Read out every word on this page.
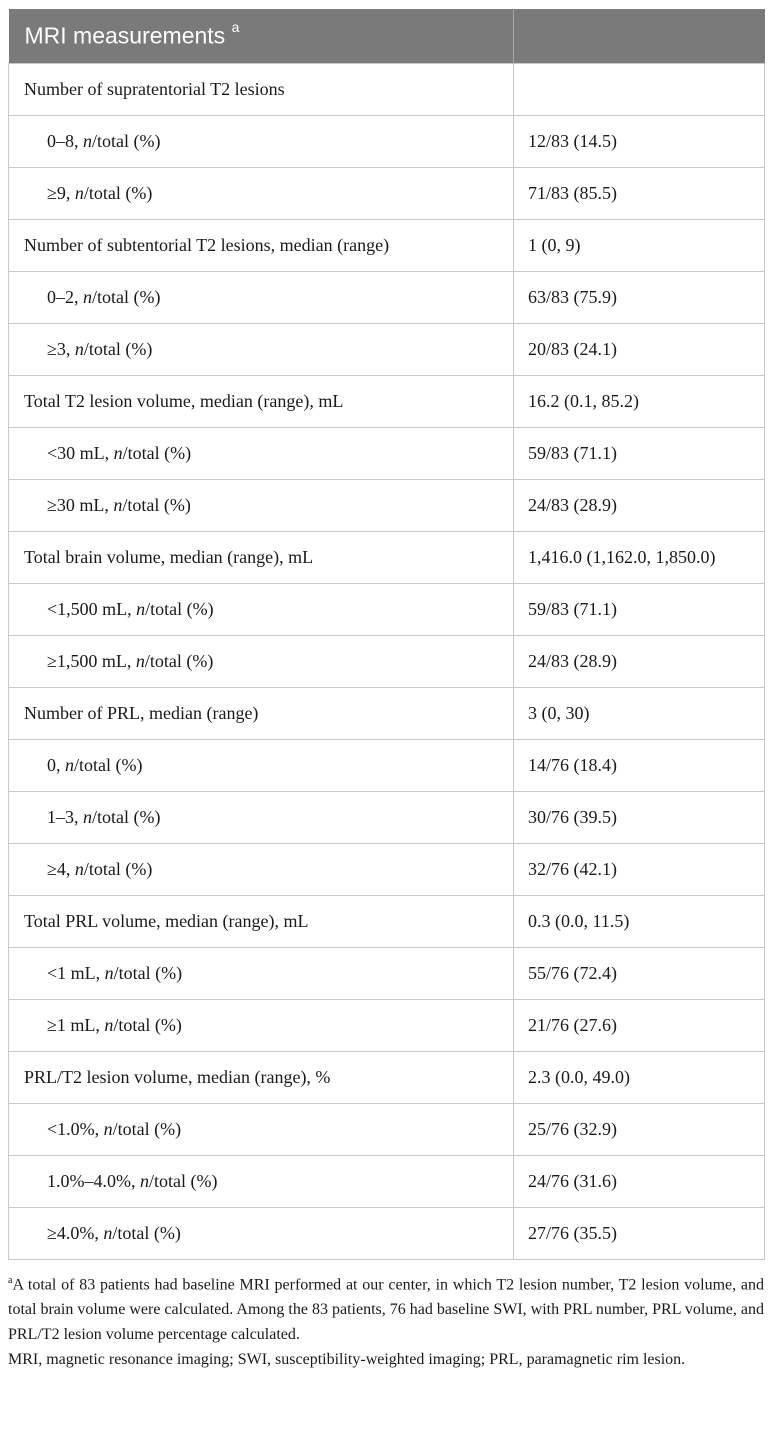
MRI measurements $^a$	
Number of supratentorial T2 lesions	
0–8, n/total (%)	12/83 (14.5)
≥9, n/total (%)	71/83 (85.5)
Number of subtentorial T2 lesions, median (range)	1 (0, 9)
0–2, n/total (%)	63/83 (75.9)
≥3, n/total (%)	20/83 (24.1)
Total T2 lesion volume, median (range), mL	16.2 (0.1, 85.2)
<30 mL, n/total (%)	59/83 (71.1)
≥30 mL, n/total (%)	24/83 (28.9)
Total brain volume, median (range), mL	1,416.0 (1,162.0, 1,850.0)
<1,500 mL, n/total (%)	59/83 (71.1)
≥1,500 mL, n/total (%)	24/83 (28.9)
Number of PRL, median (range)	3 (0, 30)
0, n/total (%)	14/76 (18.4)
1–3, n/total (%)	30/76 (39.5)
≥4, n/total (%)	32/76 (42.1)
Total PRL volume, median (range), mL	0.3 (0.0, 11.5)
<1 mL, n/total (%)	55/76 (72.4)
≥1 mL, n/total (%)	21/76 (27.6)
PRL/T2 lesion volume, median (range), %	2.3 (0.0, 49.0)
<1.0%, n/total (%)	25/76 (32.9)
1.0%–4.0%, n/total (%)	24/76 (31.6)
≥4.0%, n/total (%)	27/76 (35.5)

$^a$A total of 83 patients had baseline MRI performed at our center, in which T2 lesion number, T2 lesion volume, and total brain volume were calculated. Among the 83 patients, 76 had baseline SWI, with PRL number, PRL volume, and PRL/T2 lesion volume percentage calculated.

MRI, magnetic resonance imaging; SWI, susceptibility-weighted imaging; PRL, paramagnetic rim lesion.
